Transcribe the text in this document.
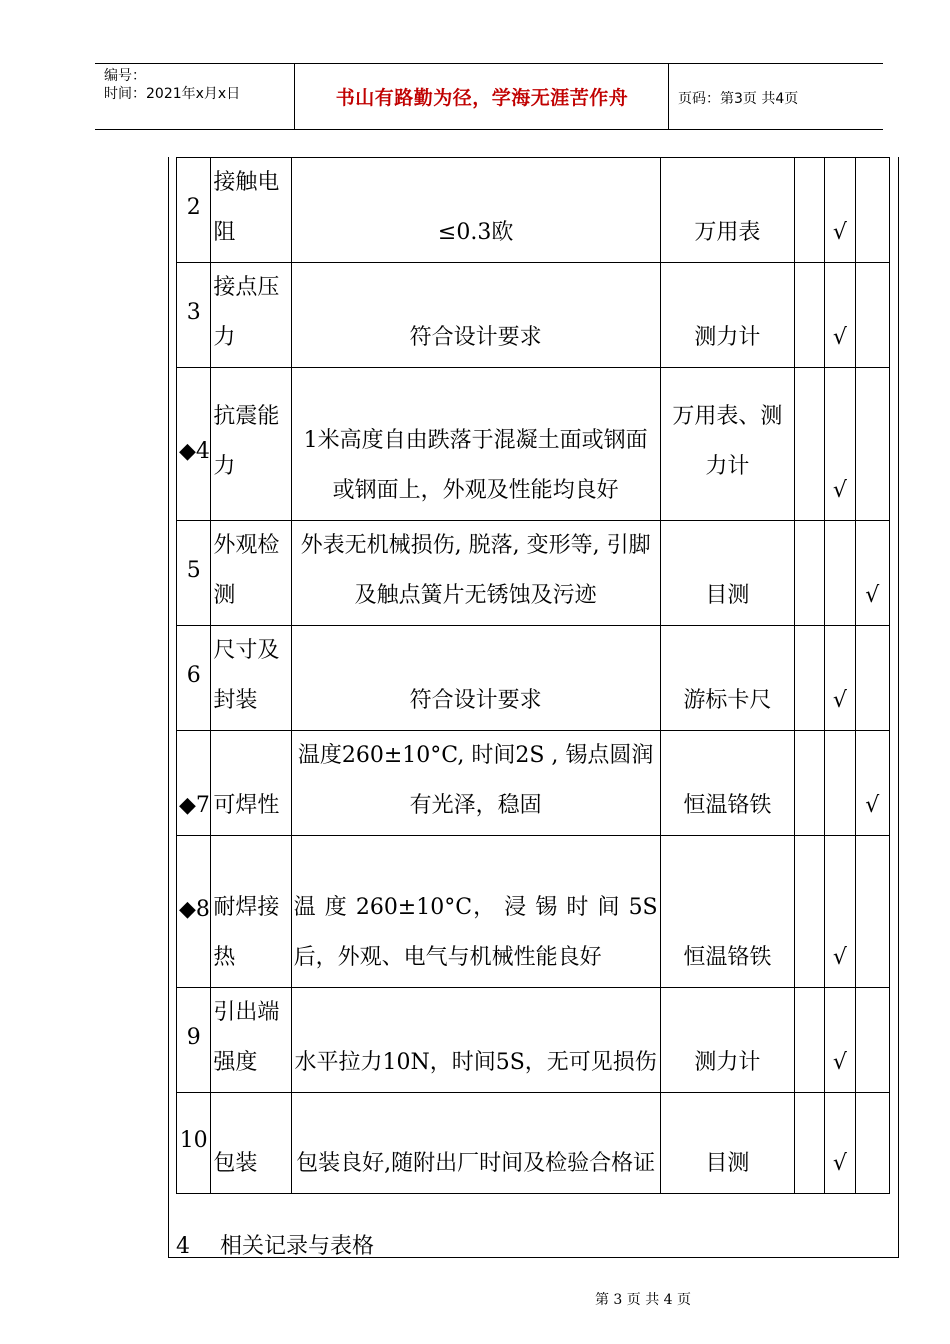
编号：
时间：2021年x月x日	书山有路勤为径，学海无涯苦作舟	页码：第3页 共4页
2	接触电阻	≤0.3欧	万用表		√	
3	接点压力	符合设计要求	测力计		√	
◆4	抗震能力	1米高度自由跌落于混凝土面或钢面或钢面上，外观及性能均良好	万用表、测力计		√	
5	外观检测	外表无机械损伤, 脱落, 变形等, 引脚及触点簧片无锈蚀及污迹	目测			√
6	尺寸及封装	符合设计要求	游标卡尺		√	
◆7	可焊性	温度260±10°C, 时间2S , 锡点圆润有光泽，稳固	恒温铬铁			√
◆8	耐焊接热	温 度 260±10°C， 浸 锡 时 间 5S后，外观、电气与机械性能良好	恒温铬铁		√	
9	引出端强度	水平拉力10N，时间5S，无可见损伤	测力计		√	
10	包装	包装良好,随附出厂时间及检验合格证	目测		√	
4 相关记录与表格
第 3 页 共 4 页
